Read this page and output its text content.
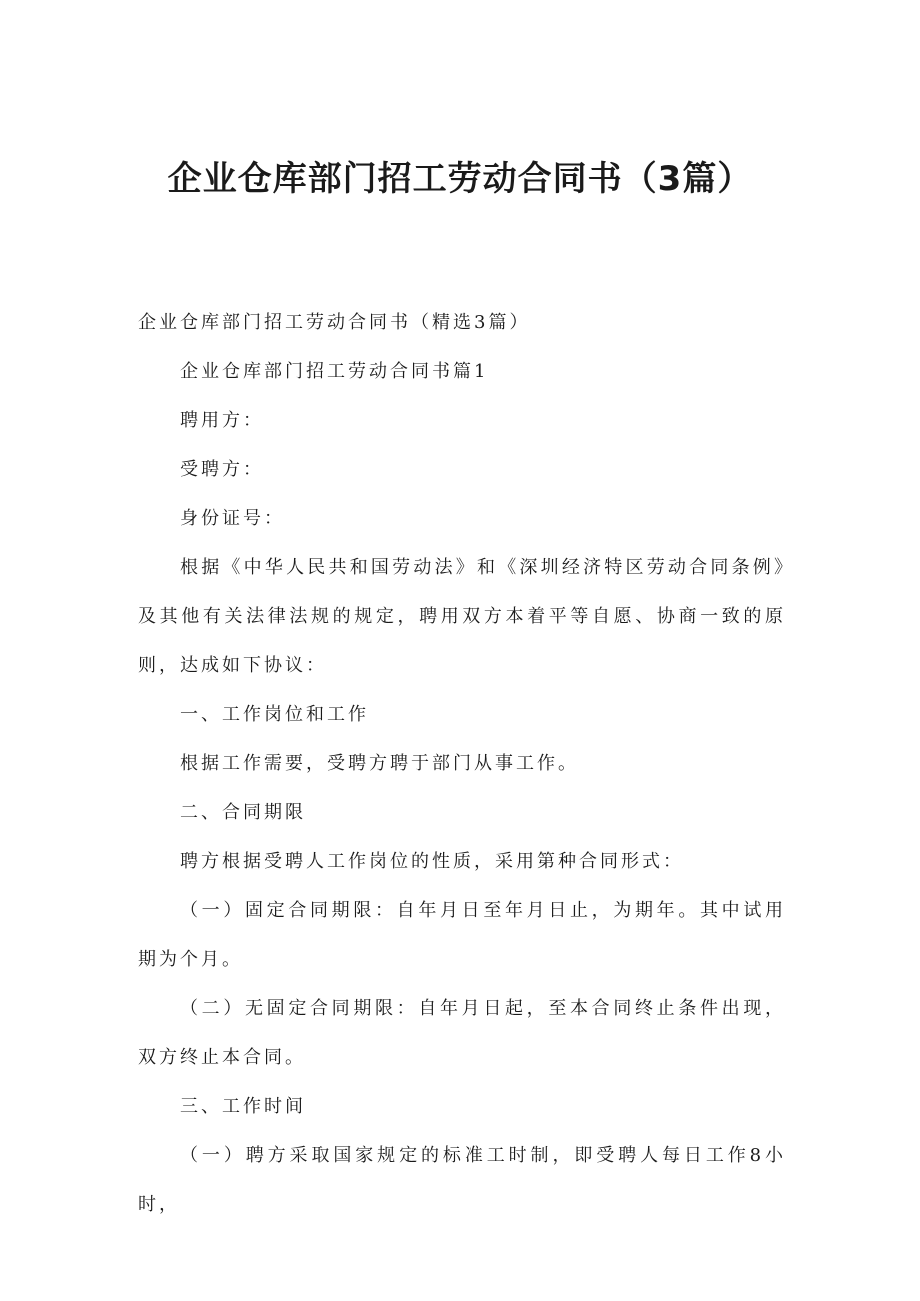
企业仓库部门招工劳动合同书（3篇）

企业仓库部门招工劳动合同书（精选3篇）

企业仓库部门招工劳动合同书篇1

聘用方：

受聘方：

身份证号：

根据《中华人民共和国劳动法》和《深圳经济特区劳动合同条例》及其他有关法律法规的规定，聘用双方本着平等自愿、协商一致的原则，达成如下协议：

一、工作岗位和工作

根据工作需要，受聘方聘于部门从事工作。

二、合同期限

聘方根据受聘人工作岗位的性质，采用第种合同形式：

（一）固定合同期限：自年月日至年月日止，为期年。其中试用期为个月。

（二）无固定合同期限：自年月日起，至本合同终止条件出现，双方终止本合同。

三、工作时间

（一）聘方采取国家规定的标准工时制，即受聘人每日工作8小时，
